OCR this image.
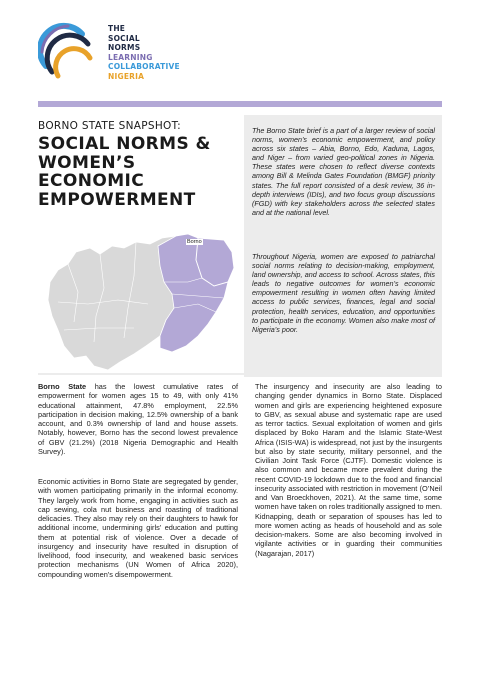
THE
SOCIAL
NORMS
LEARNING
COLLABORATIVE
NIGERIA
BORNO STATE SNAPSHOT:
SOCIAL NORMS &
WOMEN’S ECONOMIC
EMPOWERMENT
Borno

The Borno State brief is a part of a larger review of social norms, women’s economic empowerment, and policy across six states – Abia, Borno, Edo, Kaduna, Lagos, and Niger – from varied geo-political zones in Nigeria. These states were chosen to reflect diverse contexts among Bill & Melinda Gates Foundation (BMGF) priority states. The full report consisted of a desk review, 36 in-depth interviews (IDIs), and two focus group discussions (FGD) with key stakeholders across the selected states and at the national level.

Throughout Nigeria, women are exposed to patriarchal social norms relating to decision-making, employment, land ownership, and access to school. Across states, this leads to negative outcomes for women’s economic empowerment resulting in women often having limited access to public services, finances, legal and social protection, health services, education, and opportunities to participate in the economy. Women also make most of Nigeria’s poor.

Borno State has the lowest cumulative rates of empowerment for women ages 15 to 49, with only 41% educational attainment, 47.8% employment, 22.5% participation in decision making, 12.5% ownership of a bank account, and 0.3% ownership of land and house assets. Notably, however, Borno has the second lowest prevalence of GBV (21.2%) (2018 Nigeria Demographic and Health Survey).

Economic activities in Borno State are segregated by gender, with women participating primarily in the informal economy. They largely work from home, engaging in activities such as cap sewing, cola nut business and roasting of traditional delicacies. They also may rely on their daughters to hawk for additional income, undermining girls’ education and putting them at potential risk of violence. Over a decade of insurgency and insecurity have resulted in disruption of livelihood, food insecurity, and weakened basic services protection mechanisms (UN Women of Africa 2020), compounding women’s disempowerment.

The insurgency and insecurity are also leading to changing gender dynamics in Borno State. Displaced women and girls are experiencing heightened exposure to GBV, as sexual abuse and systematic rape are used as terror tactics. Sexual exploitation of women and girls displaced by Boko Haram and the Islamic State-West Africa (ISIS-WA) is widespread, not just by the insurgents but also by state security, military personnel, and the Civilian Joint Task Force (CJTF). Domestic violence is also common and became more prevalent during the recent COVID-19 lockdown due to the food and financial insecurity associated with restriction in movement (O’Neil and Van Broeckhoven, 2021). At the same time, some women have taken on roles traditionally assigned to men. Kidnapping, death or separation of spouses has led to more women acting as heads of household and as sole decision-makers. Some are also becoming involved in vigilante activities or in guarding their communities (Nagarajan, 2017)
